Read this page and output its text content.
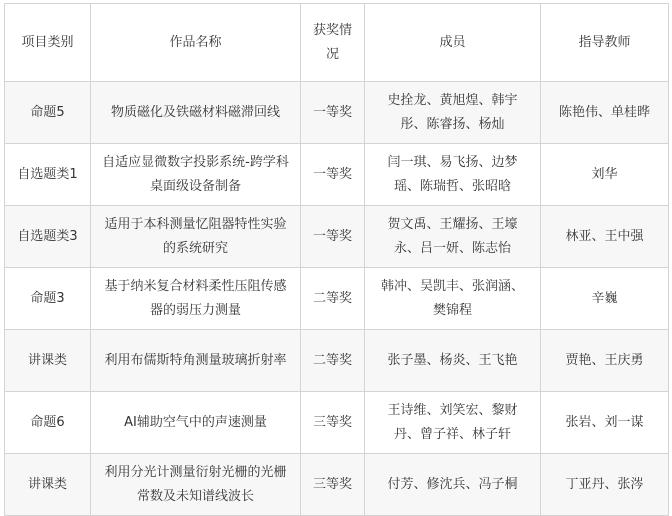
项目类别	作品名称	获奖情况	成员	指导教师
命题5	物质磁化及铁磁材料磁滞回线	一等奖	史拴龙、黄旭煌、韩宇彤、陈睿扬、杨灿	陈艳伟、单桂晔
自选题类1	自适应显微数字投影系统-跨学科桌面级设备制备	一等奖	闫一琪、易飞扬、边梦瑶、陈瑞哲、张昭晗	刘华
自选题类3	适用于本科测量忆阻器特性实验的系统研究	一等奖	贺文禹、王耀扬、王壕永、吕一妍、陈志怡	林亚、王中强
命题3	基于纳米复合材料柔性压阻传感器的弱压力测量	二等奖	韩冲、吴凯丰、张润涵、樊锦程	辛巍
讲课类	利用布儒斯特角测量玻璃折射率	二等奖	张子墨、杨炎、王飞艳	贾艳、王庆勇
命题6	AI辅助空气中的声速测量	三等奖	王诗维、刘笑宏、黎财丹、曾子祥、林子轩	张岩、刘一谋
讲课类	利用分光计测量衍射光栅的光栅常数及未知谱线波长	三等奖	付芳、修沈兵、冯子桐	丁亚丹、张涔
